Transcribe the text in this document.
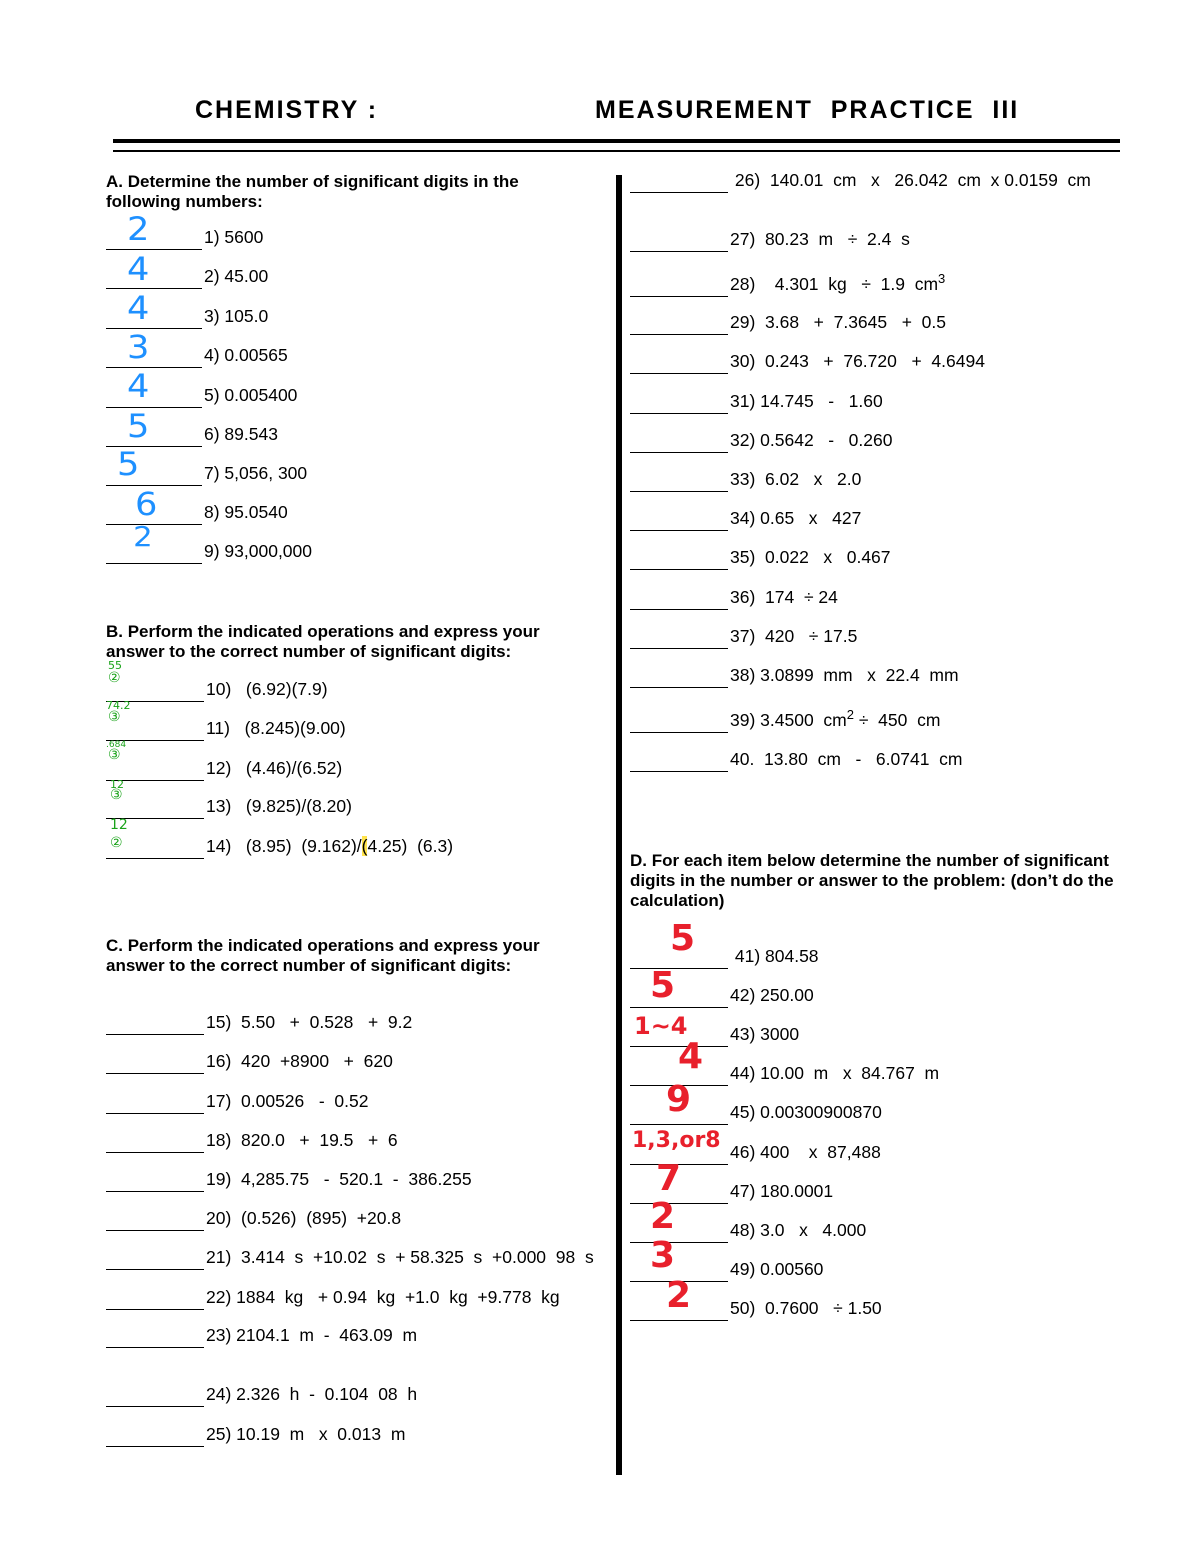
CHEMISTRY :	MEASUREMENT  PRACTICE  III
A. Determine the number of significant digits in the following numbers:
1) 5600
2) 45.00
3) 105.0
4) 0.00565
5) 0.005400
6) 89.543
7) 5,056, 300
8) 95.0540
9) 93,000,000
2
4
4
3
4
5
5
6
2
B. Perform the indicated operations and express your answer to the correct number of significant digits:
10)   (6.92)(7.9)
11)   (8.245)(9.00)
12)   (4.46)/(6.52)
13)   (9.825)/(8.20)
14)   (8.95)  (9.162)/(4.25)  (6.3)
55
②
74.2
③
.684
③
12
③
12
②
C. Perform the indicated operations and express your answer to the correct number of significant digits:
15)  5.50   +  0.528   +  9.2
16)  420  +8900   +  620
17)  0.00526   -  0.52
18)  820.0   +  19.5   +  6
19)  4,285.75   -  520.1  -  386.255
20)  (0.526)  (895)  +20.8
21)  3.414  s  +10.02  s  + 58.325  s  +0.000  98  s
22) 1884  kg   + 0.94  kg  +1.0  kg  +9.778  kg
23) 2104.1  m  -  463.09  m
24) 2.326  h  -  0.104  08  h
25) 10.19  m   x  0.013  m
26)  140.01  cm   x   26.042  cm  x 0.0159  cm
27)  80.23  m   ÷  2.4  s
28)    4.301  kg   ÷  1.9  $cm^3$
29)  3.68   +  7.3645   +  0.5
30)  0.243   +  76.720   +  4.6494
31) 14.745   -   1.60
32) 0.5642   -   0.260
33)  6.02   x   2.0
34) 0.65   x   427
35)  0.022   x   0.467
36)  174  ÷ 24
37)  420   ÷ 17.5
38) 3.0899  mm   x  22.4  mm
39) 3.4500  $cm^2 \div 450$  cm
40.  13.80  cm   -   6.0741  cm
D. For each item below determine the number of significant digits in the number or answer to the problem: (don’t do the calculation)
41) 804.58
42) 250.00
43) 3000
44) 10.00  m   x  84.767  m
45) 0.00300900870
46) 400    x  87,488
47) 180.0001
48) 3.0   x   4.000
49) 0.00560
50)  0.7600   ÷ 1.50
5
5
1~4
4
9
1,3,or8
7
2
3
2
